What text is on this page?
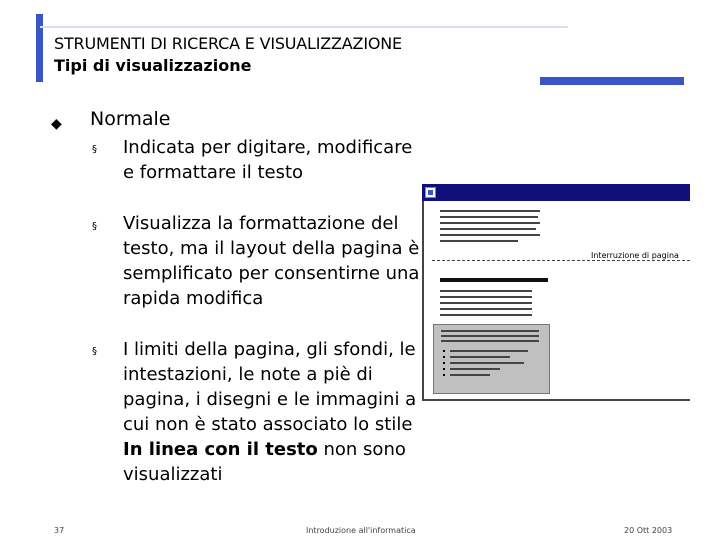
STRUMENTI DI RICERCA E VISUALIZZAZIONE
Tipi di visualizzazione
◆ Normale
§ Indicata per digitare, modificare e formattare il testo
§ Visualizza la formattazione del testo, ma il layout della pagina è semplificato per consentirne una rapida modifica
§ I limiti della pagina, gli sfondi, le intestazioni, le note a piè di pagina, i disegni e le immagini a cui non è stato associato lo stile In linea con il testo non sono visualizzati
Interruzione di pagina
37	Introduzione all'informatica	20 Ott 2003
